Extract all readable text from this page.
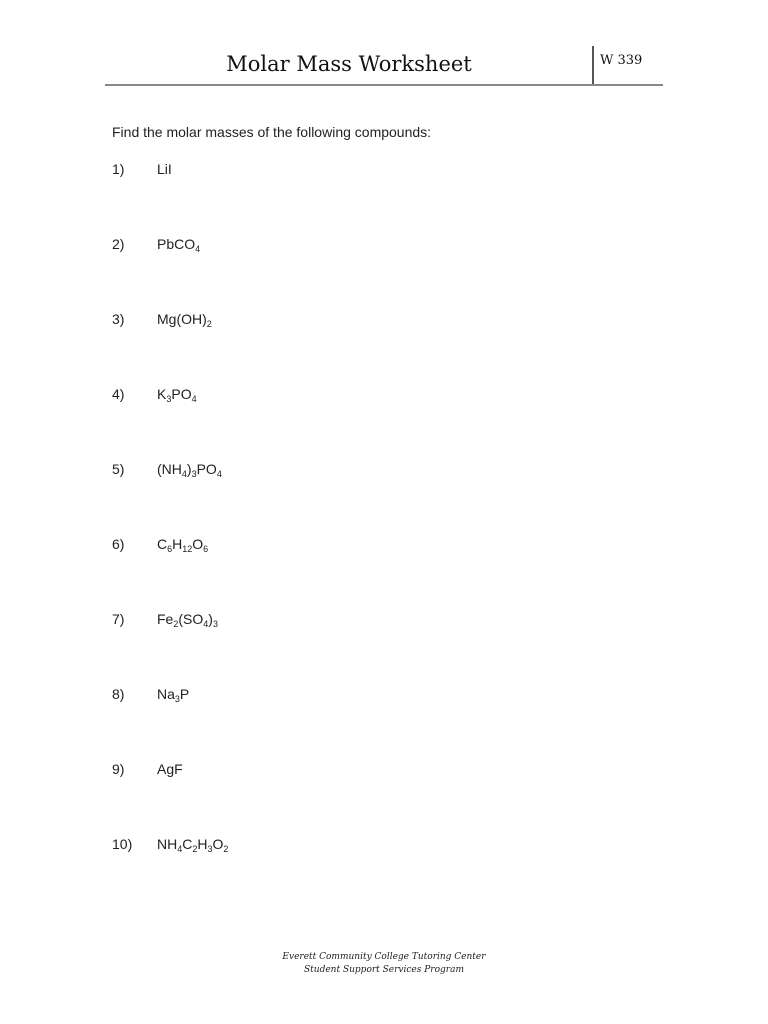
Molar Mass Worksheet	W 339
Find the molar masses of the following compounds:
1)	LiI
2)	PbCO$_4$
3)	$Mg(OH)_2$
4)	$K_3PO_4$
5)	$(NH_4)_3PO_4$
6)	$C_6H_{12}O_6$
7)	$Fe_2(SO_4)_3$
8)	$Na_3P$
9)	AgF
10)	$NH_4C_2H_3O_2$
Everett Community College Tutoring Center
Student Support Services Program
